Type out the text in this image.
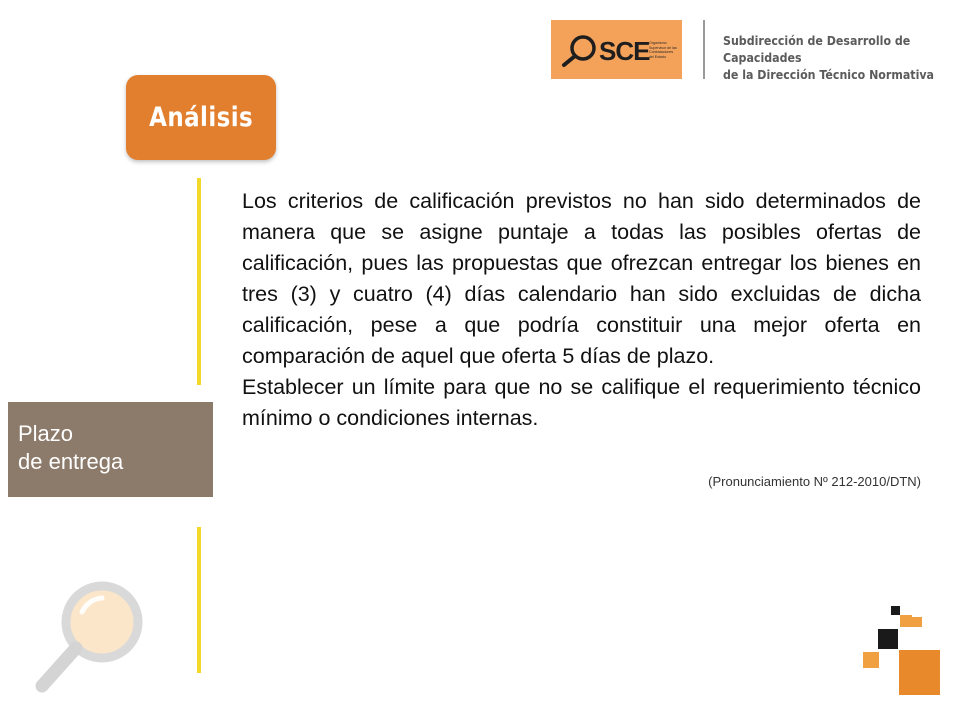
SCE Organismo
Supervisor de las
Contrataciones
del Estado
Subdirección de Desarrollo de Capacidades
de la Dirección Técnico Normativa
Análisis
Plazo
de entrega

Los criterios de calificación previstos no han sido determinados de manera que se asigne puntaje a todas las posibles ofertas de calificación, pues las propuestas que ofrezcan entregar los bienes en tres (3) y cuatro (4) días calendario han sido excluidas de dicha calificación, pese a que podría constituir una mejor oferta en comparación de aquel que oferta 5 días de plazo.

Establecer un límite para que no se califique el requerimiento técnico mínimo o condiciones internas.

(Pronunciamiento Nº 212-2010/DTN)
